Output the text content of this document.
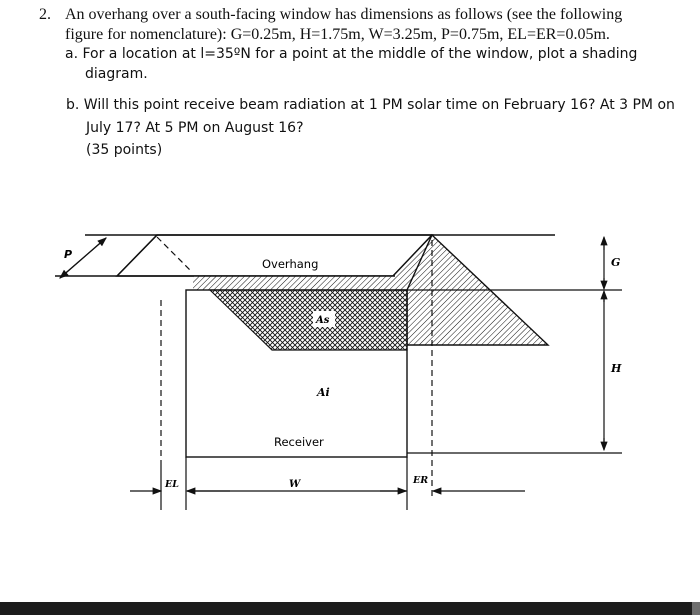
2. An overhang over a south-facing window has dimensions as follows (see the following
figure for nomenclature): G=0.25m, H=1.75m, W=3.25m, P=0.75m, EL=ER=0.05m.
a. For a location at l=35ºN for a point at the middle of the window, plot a shading
diagram.
b. Will this point receive beam radiation at 1 PM solar time on February 16? At 3 PM on
July 17? At 5 PM on August 16?
(35 points)
P
Overhang
As
Ai
Receiver
G
H
EL	W	ER
